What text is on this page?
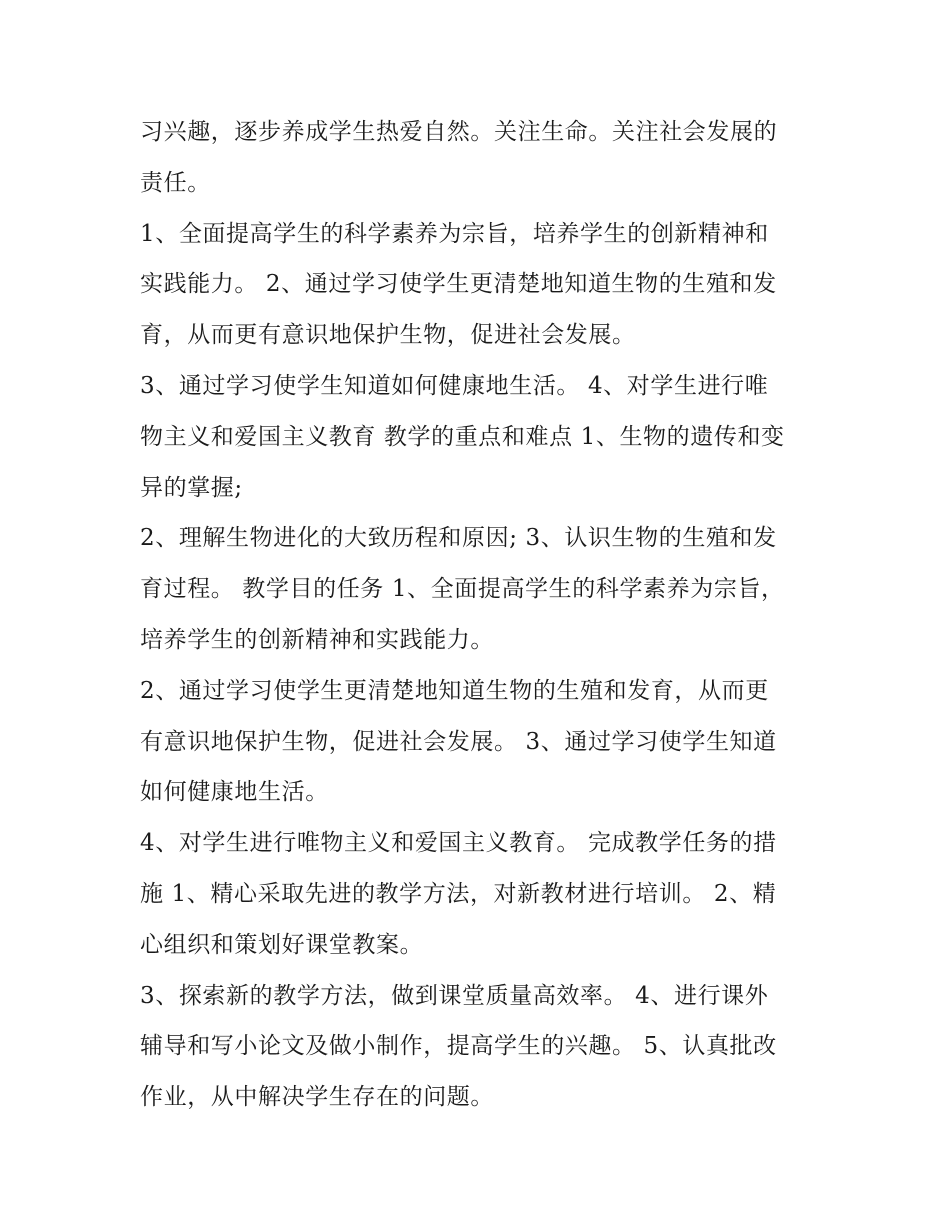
习兴趣，逐步养成学生热爱自然。关注生命。关注社会发展的
责任。
1、全面提高学生的科学素养为宗旨，培养学生的创新精神和
实践能力。 2、通过学习使学生更清楚地知道生物的生殖和发
育，从而更有意识地保护生物，促进社会发展。
3、通过学习使学生知道如何健康地生活。 4、对学生进行唯
物主义和爱国主义教育 教学的重点和难点 1、生物的遗传和变
异的掌握;
2、理解生物进化的大致历程和原因; 3、认识生物的生殖和发
育过程。 教学目的任务 1、全面提高学生的科学素养为宗旨，
培养学生的创新精神和实践能力。
2、通过学习使学生更清楚地知道生物的生殖和发育，从而更
有意识地保护生物，促进社会发展。 3、通过学习使学生知道
如何健康地生活。
4、对学生进行唯物主义和爱国主义教育。 完成教学任务的措
施 1、精心采取先进的教学方法，对新教材进行培训。 2、精
心组织和策划好课堂教案。
3、探索新的教学方法，做到课堂质量高效率。 4、进行课外
辅导和写小论文及做小制作，提高学生的兴趣。 5、认真批改
作业，从中解决学生存在的问题。
